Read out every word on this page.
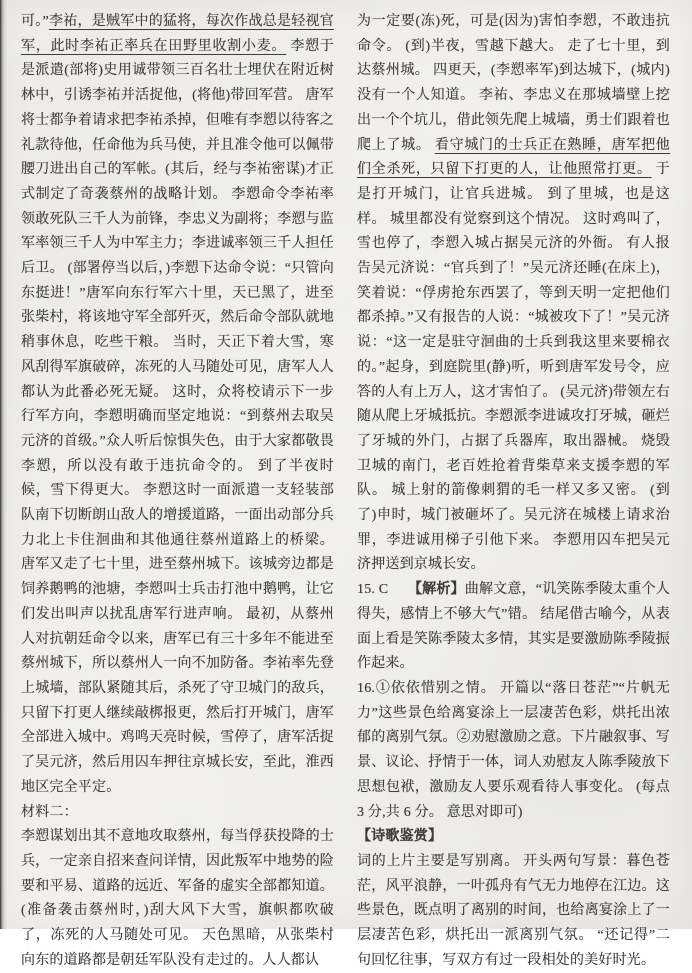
可。”李祐，是贼军中的猛将，每次作战总是轻视官军，此时李祐正率兵在田野里收割小麦。 李愬于是派遣(部将)史用诚带领三百名壮士埋伏在附近树林中，引诱李祐并活捉他，(将他)带回军营。 唐军将士都争着请求把李祐杀掉，但唯有李愬以待客之礼款待他，任命他为兵马使，并且准令他可以佩带腰刀进出自己的军帐。(其后，经与李祐密谋)才正式制定了奇袭蔡州的战略计划。 李愬命令李祐率领敢死队三千人为前锋，李忠义为副将；李愬与监军率领三千人为中军主力；李进诚率领三千人担任后卫。 (部署停当以后，)李愬下达命令说：“只管向东挺进！”唐军向东行军六十里，天已黑了，进至张柴村，将该地守军全部歼灭，然后命令部队就地稍事休息，吃些干粮。 当时，天正下着大雪，寒风刮得军旗破碎，冻死的人马随处可见，唐军人人都认为此番必死无疑。 这时，众将校请示下一步行军方向，李愬明确而坚定地说：“到蔡州去取吴元济的首级。”众人听后惊惧失色，由于大家都敬畏李愬，所以没有敢于违抗命令的。 到了半夜时候，雪下得更大。 李愬这时一面派遣一支轻装部队南下切断朗山敌人的增援道路，一面出动部分兵力北上卡住洄曲和其他通往蔡州道路上的桥梁。 唐军又走了七十里，进至蔡州城下。该城旁边都是饲养鹅鸭的池塘，李愬叫士兵击打池中鹅鸭，让它们发出叫声以扰乱唐军行进声响。 最初，从蔡州人对抗朝廷命令以来，唐军已有三十多年不能进至蔡州城下，所以蔡州人一向不加防备。李祐率先登上城墙，部队紧随其后，杀死了守卫城门的敌兵，只留下打更人继续敲梆报更，然后打开城门，唐军全部进入城中。鸡鸣天亮时候，雪停了，唐军活捉了吴元济，然后用囚车押往京城长安，至此，淮西地区完全平定。

材料二：

李愬谋划出其不意地攻取蔡州，每当俘获投降的士兵，一定亲自招来查问详情，因此叛军中地势的险要和平易、道路的远近、军备的虚实全部都知道。 (准备袭击蔡州时，)刮大风下大雪，旗帜都吹破了，冻死的人马随处可见。 天色黑暗，从张柴村向东的道路都是朝廷军队没有走过的。人人都认

为一定要(冻)死，可是(因为)害怕李愬，不敢违抗命令。 (到)半夜，雪越下越大。 走了七十里，到达蔡州城。 四更天，(李愬率军)到达城下，(城内)没有一个人知道。 李祐、李忠义在那城墙壁上挖出一个个坑儿，借此领先爬上城墙，勇士们跟着也爬上了城。 看守城门的士兵正在熟睡，唐军把他们全杀死，只留下打更的人，让他照常打更。 于是打开城门，让官兵进城。 到了里城，也是这样。 城里都没有觉察到这个情况。 这时鸡叫了，雪也停了，李愬入城占据吴元济的外衙。 有人报告吴元济说：“官兵到了！”吴元济还睡(在床上)，笑着说：“俘虏抢东西罢了，等到天明一定把他们都杀掉。”又有报告的人说：“城被攻下了！”吴元济说：“这一定是驻守洄曲的士兵到我这里来要棉衣的。”起身，到庭院里(静)听，听到唐军发号令，应答的人有上万人，这才害怕了。 (吴元济)带领左右随从爬上牙城抵抗。李愬派李进诚攻打牙城，砸烂了牙城的外门，占据了兵器库，取出器械。 烧毁卫城的南门，老百姓抢着背柴草来支援李愬的军队。 城上射的箭像刺猬的毛一样又多又密。 (到了)申时，城门被砸坏了。吴元济在城楼上请求治罪，李进诚用梯子引他下来。 李愬用囚车把吴元济押送到京城长安。

15. C 【解析】曲解文意，“讥笑陈季陵太重个人得失，感情上不够大气”错。 结尾借古喻今，从表面上看是笑陈季陵太多情，其实是要激励陈季陵振作起来。

16.①依依惜别之情。 开篇以“落日苍茫”“片帆无力”这些景色给离宴涂上一层凄苦色彩，烘托出浓郁的离别气氛。②劝慰激励之意。下片融叙事、写景、议论、抒情于一体，词人劝慰友人陈季陵放下思想包袱，激励友人要乐观看待人事变化。 (每点 3 分,共 6 分。 意思对即可)

【诗歌鉴赏】

词的上片主要是写别离。 开头两句写景：暮色苍茫，风平浪静，一叶孤舟有气无力地停在江边。这些景色，既点明了离别的时间，也给离宴涂上了一层凄苦色彩，烘托出一派离别气氛。 “还记得”二句回忆往事，写双方有过一段相处的美好时光。
